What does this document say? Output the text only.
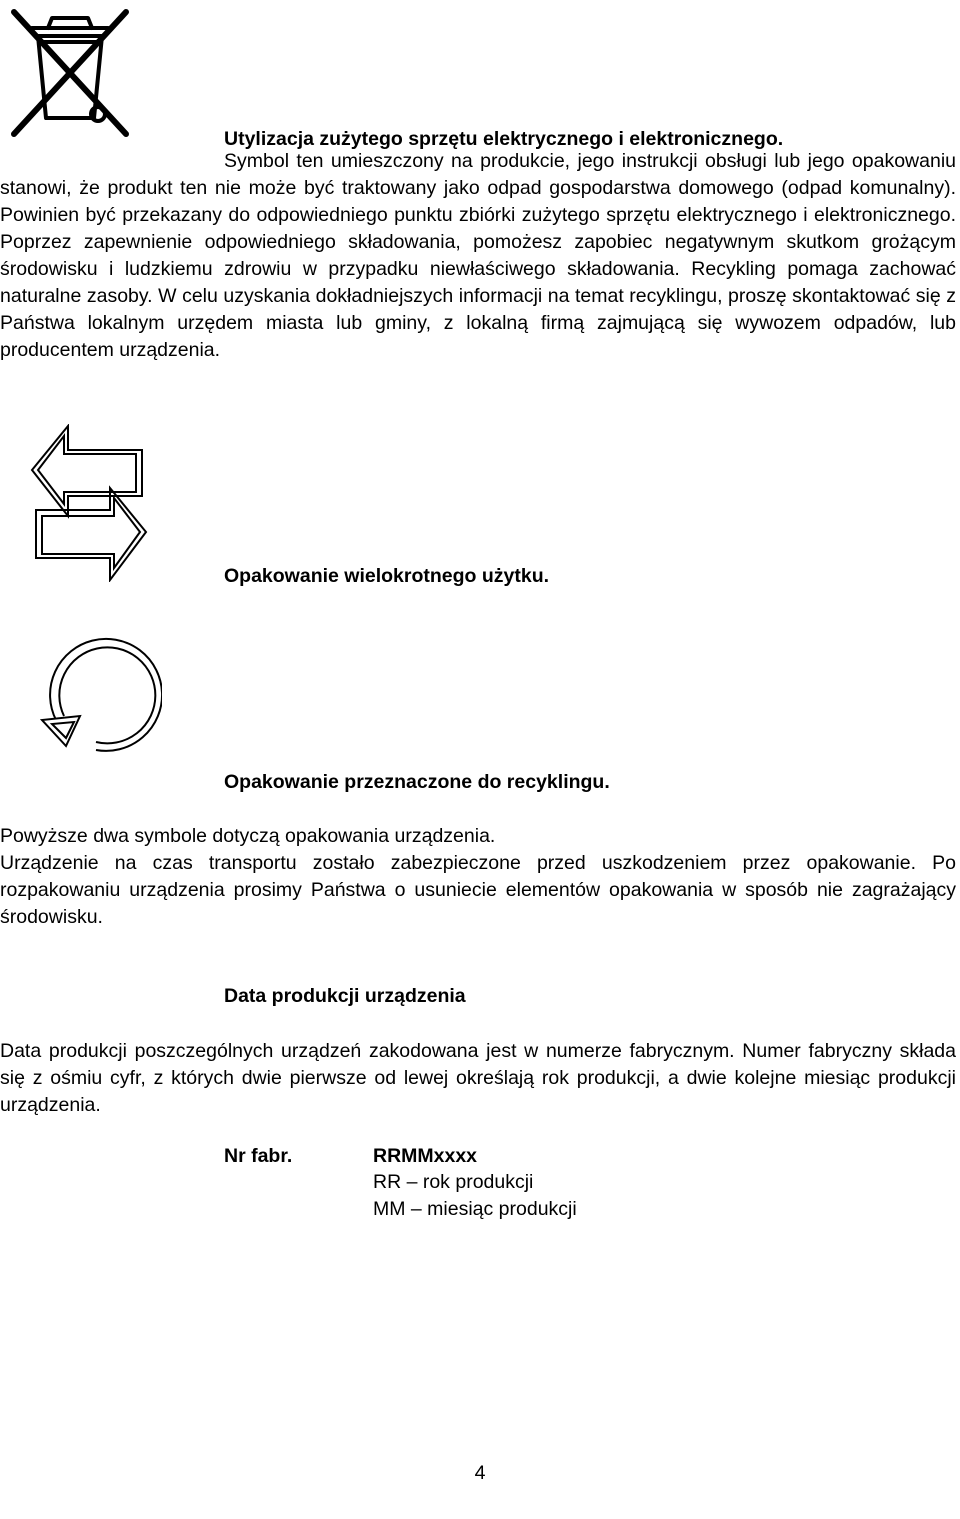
Utylizacja zużytego sprzętu elektrycznego i elektronicznego.
Symbol ten umieszczony na produkcie, jego instrukcji obsługi lub jego opakowaniu stanowi, że produkt ten nie może być traktowany jako odpad gospodarstwa domowego (odpad komunalny). Powinien być przekazany do odpowiedniego punktu zbiórki zużytego sprzętu elektrycznego i elektronicznego. Poprzez zapewnienie odpowiedniego składowania, pomożesz zapobiec negatywnym skutkom grożącym środowisku i ludzkiemu zdrowiu w przypadku niewłaściwego składowania. Recykling pomaga zachować naturalne zasoby. W celu uzyskania dokładniejszych informacji na temat recyklingu, proszę skontaktować się z Państwa lokalnym urzędem miasta lub gminy, z lokalną firmą zajmującą się wywozem odpadów, lub producentem urządzenia.
Opakowanie wielokrotnego użytku.
Opakowanie przeznaczone do recyklingu.
Powyższe dwa symbole dotyczą opakowania urządzenia.
Urządzenie na czas transportu zostało zabezpieczone przed uszkodzeniem przez opakowanie. Po rozpakowaniu urządzenia prosimy Państwa o usuniecie elementów opakowania w sposób nie zagrażający środowisku.
Data produkcji urządzenia
Data produkcji poszczególnych urządzeń zakodowana jest w numerze fabrycznym. Numer fabryczny składa się z ośmiu cyfr, z których dwie pierwsze od lewej określają rok produkcji, a dwie kolejne miesiąc produkcji urządzenia.
Nr fabr.	RRMMxxxx
RR – rok produkcji
MM – miesiąc produkcji
4
